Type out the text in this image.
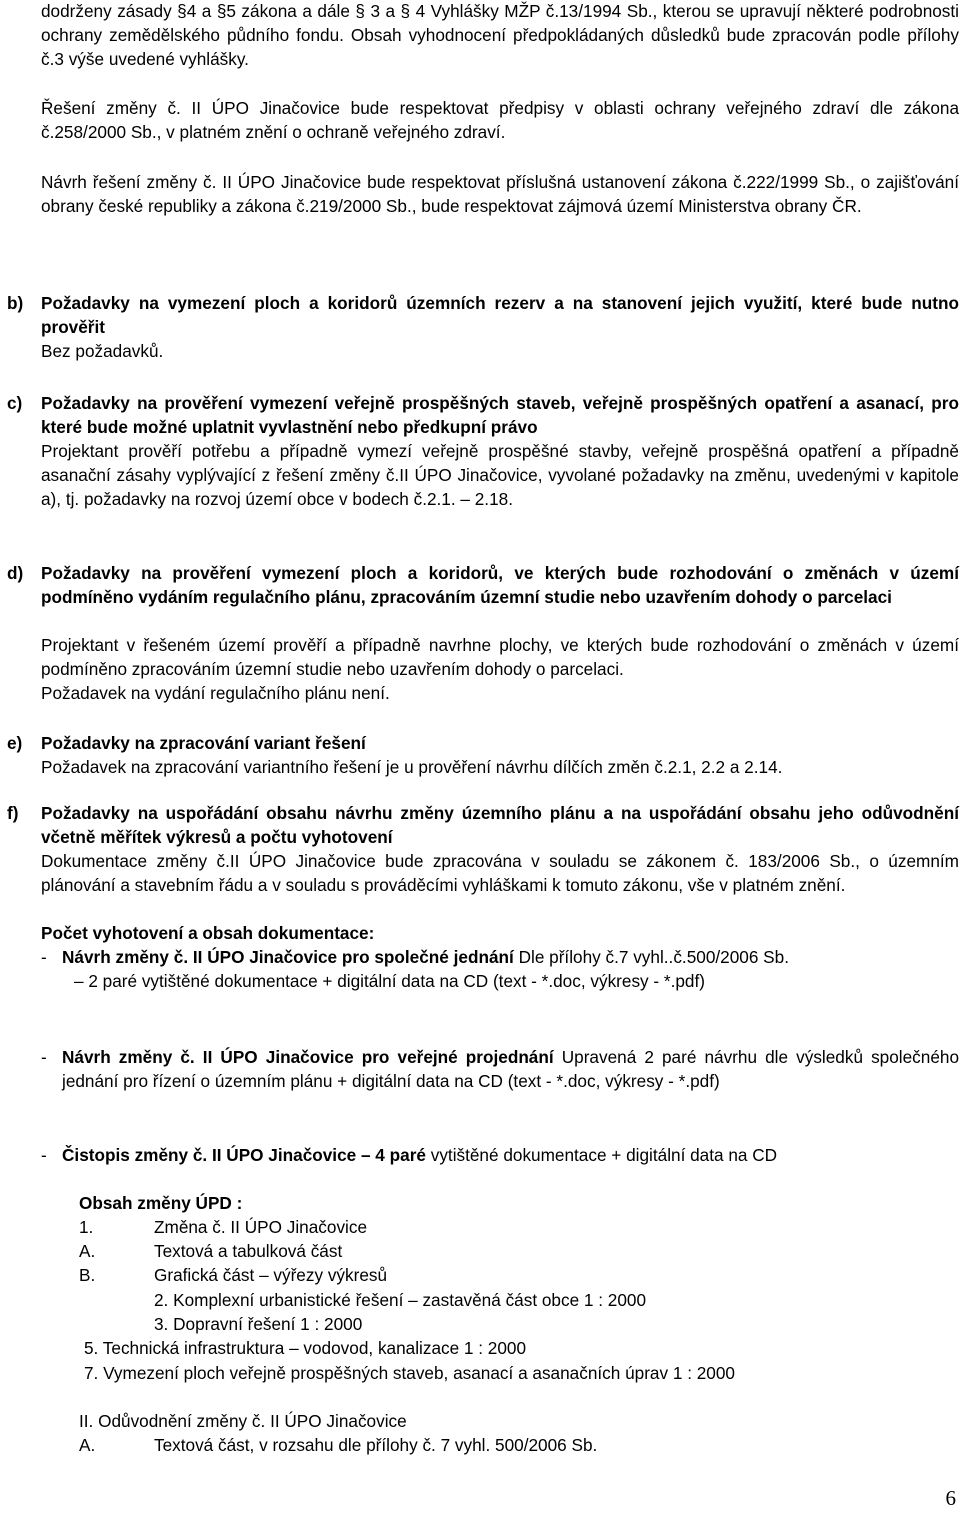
dodrženy zásady §4 a §5 zákona a dále § 3 a § 4 Vyhlášky MŽP č.13/1994 Sb., kterou se upravují některé podrobnosti ochrany zemědělského půdního fondu. Obsah vyhodnocení předpokládaných důsledků bude zpracován podle přílohy č.3 výše uvedené vyhlášky.
Řešení změny č. II ÚPO Jinačovice bude respektovat předpisy v oblasti ochrany veřejného zdraví dle zákona č.258/2000 Sb., v platném znění o ochraně veřejného zdraví.
Návrh řešení změny č. II ÚPO Jinačovice bude respektovat příslušná ustanovení zákona č.222/1999 Sb., o zajišťování obrany české republiky a zákona č.219/2000 Sb., bude respektovat zájmová území Ministerstva obrany ČR.
b) Požadavky na vymezení ploch a koridorů územních rezerv a na stanovení jejich využití, které bude nutno prověřit
Bez požadavků.
c) Požadavky na prověření vymezení veřejně prospěšných staveb, veřejně prospěšných opatření a asanací, pro které bude možné uplatnit vyvlastnění nebo předkupní právo
Projektant prověří potřebu a případně vymezí veřejně prospěšné stavby, veřejně prospěšná opatření a případně asanační zásahy vyplývající z řešení změny č.II ÚPO Jinačovice, vyvolané požadavky na změnu, uvedenými v kapitole a), tj. požadavky na rozvoj území obce v bodech č.2.1. – 2.18.
d) Požadavky na prověření vymezení ploch a koridorů, ve kterých bude rozhodování o změnách v území podmíněno vydáním regulačního plánu, zpracováním územní studie nebo uzavřením dohody o parcelaci
Projektant v řešeném území prověří a případně navrhne plochy, ve kterých bude rozhodování o změnách v území podmíněno zpracováním územní studie nebo uzavřením dohody o parcelaci.
Požadavek na vydání regulačního plánu není.
e) Požadavky na zpracování variant řešení
Požadavek na zpracování variantního řešení je u prověření návrhu dílčích změn č.2.1, 2.2 a 2.14.
f) Požadavky na uspořádání obsahu návrhu změny územního plánu a na uspořádání obsahu jeho odůvodnění včetně měřítek výkresů a počtu vyhotovení
Dokumentace změny č.II ÚPO Jinačovice bude zpracována v souladu se zákonem č. 183/2006 Sb., o územním plánování a stavebním řádu a v souladu s prováděcími vyhláškami k tomuto zákonu, vše v platném znění.
Počet vyhotovení a obsah dokumentace:
- Návrh změny č. II ÚPO Jinačovice pro společné jednání Dle přílohy č.7 vyhl..č.500/2006 Sb.
– 2 paré vytištěné dokumentace + digitální data na CD (text - *.doc, výkresy - *.pdf)
- Návrh změny č. II ÚPO Jinačovice pro veřejné projednání Upravená 2 paré návrhu dle výsledků společného jednání pro řízení o územním plánu + digitální data na CD (text - *.doc, výkresy - *.pdf)
- Čistopis změny č. II ÚPO Jinačovice – 4 paré vytištěné dokumentace + digitální data na CD
Obsah změny ÚPD :
1.	Změna č. II ÚPO Jinačovice
A.	Textová a tabulková část
B.	Grafická část – výřezy výkresů
2. Komplexní urbanistické řešení – zastavěná část obce 1 : 2000
3. Dopravní řešení 1 : 2000
5. Technická infrastruktura – vodovod, kanalizace 1 : 2000
7. Vymezení ploch veřejně prospěšných staveb, asanací a asanačních úprav 1 : 2000
II. Odůvodnění změny č. II ÚPO Jinačovice
A.	Textová část, v rozsahu dle přílohy č. 7 vyhl. 500/2006 Sb.
6
